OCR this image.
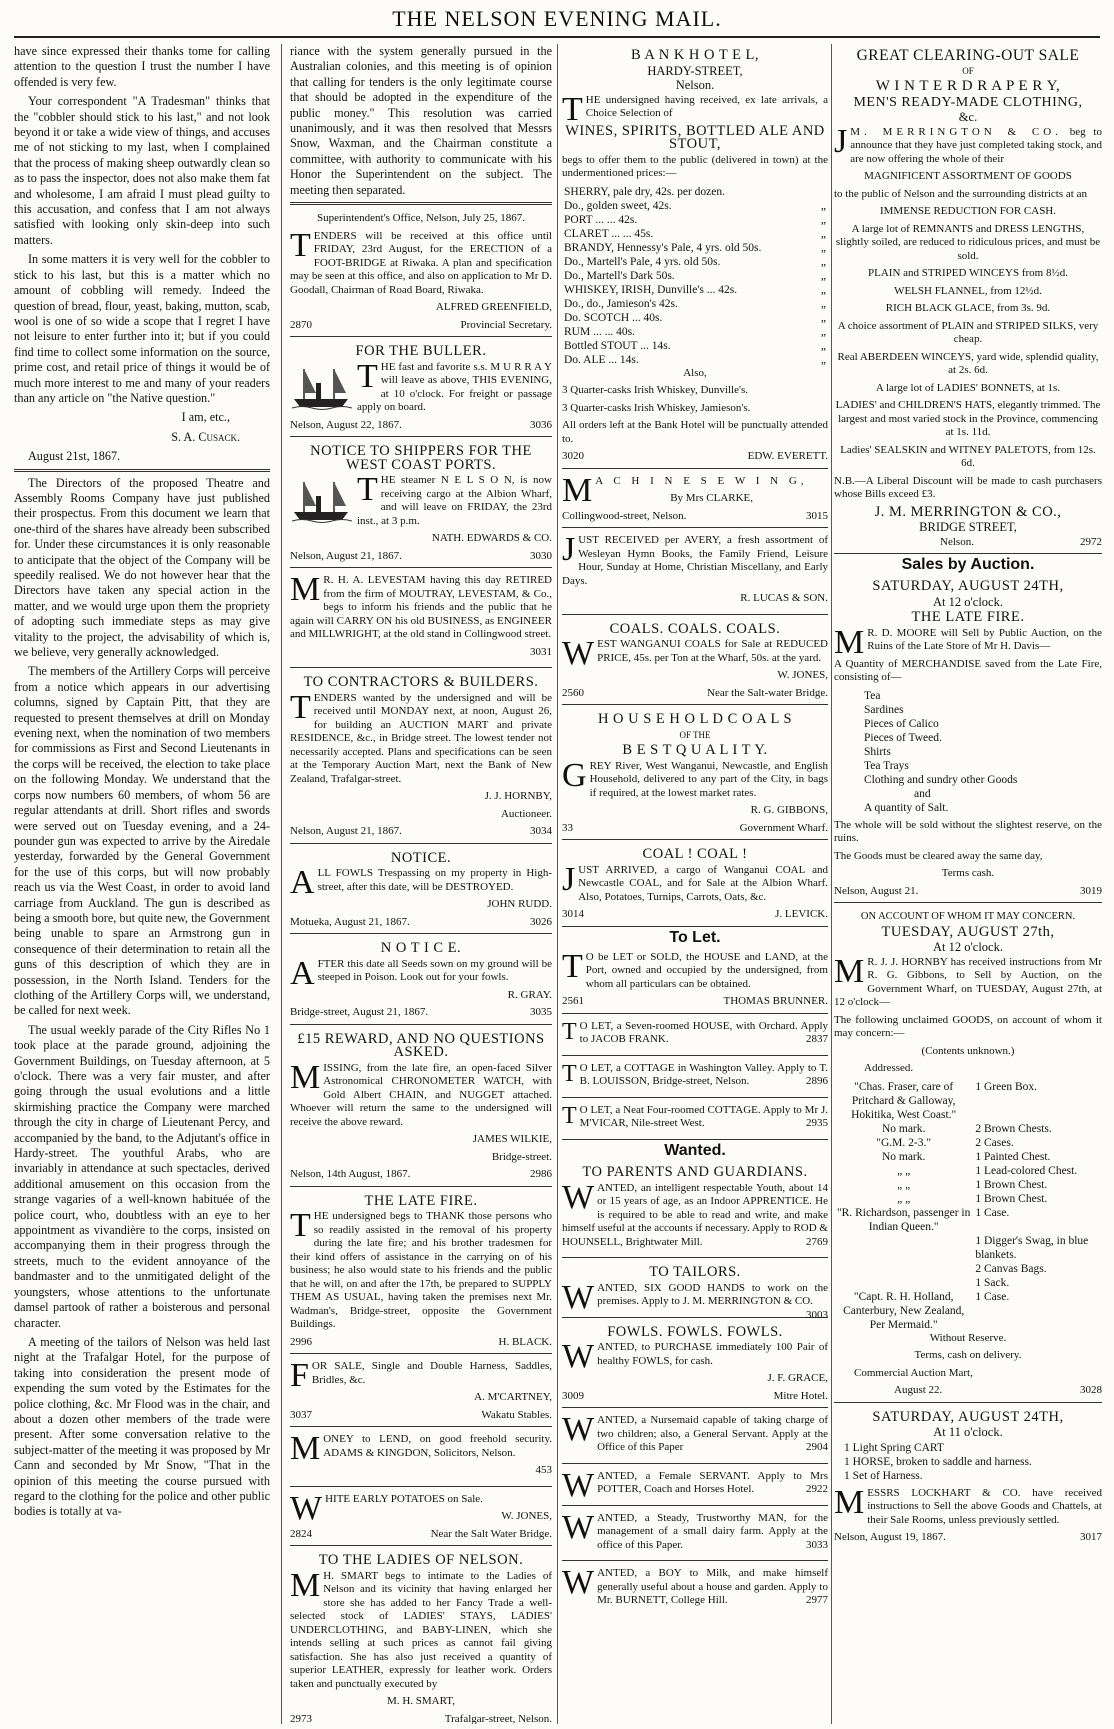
THE NELSON EVENING MAIL.

have since expressed their thanks tome for calling attention to the question I trust the number I have offended is very few.

Your correspondent "A Tradesman" thinks that the "cobbler should stick to his last," and not look beyond it or take a wide view of things, and accuses me of not sticking to my last, when I complained that the process of making sheep outwardly clean so as to pass the inspector, does not also make them fat and wholesome, I am afraid I must plead guilty to this accusation, and confess that I am not always satisfied with looking only skin-deep into such matters.

In some matters it is very well for the cobbler to stick to his last, but this is a matter which no amount of cobbling will remedy. Indeed the question of bread, flour, yeast, baking, mutton, scab, wool is one of so wide a scope that I regret I have not leisure to enter further into it; but if you could find time to collect some information on the source, prime cost, and retail price of things it would be of much more interest to me and many of your readers than any article on "the Native question."

I am, etc.,

S. A. Cusack.

August 21st, 1867.

The Directors of the proposed Theatre and Assembly Rooms Company have just published their prospectus. From this document we learn that one-third of the shares have already been subscribed for. Under these circumstances it is only reasonable to anticipate that the object of the Company will be speedily realised. We do not however hear that the Directors have taken any special action in the matter, and we would urge upon them the propriety of adopting such immediate steps as may give vitality to the project, the advisability of which is, we believe, very generally acknowledged.

The members of the Artillery Corps will perceive from a notice which appears in our advertising columns, signed by Captain Pitt, that they are requested to present themselves at drill on Monday evening next, when the nomination of two members for commissions as First and Second Lieutenants in the corps will be received, the election to take place on the following Monday. We understand that the corps now numbers 60 members, of whom 56 are regular attendants at drill. Short rifles and swords were served out on Tuesday evening, and a 24-pounder gun was expected to arrive by the Airedale yesterday, forwarded by the General Government for the use of this corps, but will now probably reach us via the West Coast, in order to avoid land carriage from Auckland. The gun is described as being a smooth bore, but quite new, the Government being unable to spare an Armstrong gun in consequence of their determination to retain all the guns of this description of which they are in possession, in the North Island. Tenders for the clothing of the Artillery Corps will, we understand, be called for next week.

The usual weekly parade of the City Rifles No 1 took place at the parade ground, adjoining the Government Buildings, on Tuesday afternoon, at 5 o'clock. There was a very fair muster, and after going through the usual evolutions and a little skirmishing practice the Company were marched through the city in charge of Lieutenant Percy, and accompanied by the band, to the Adjutant's office in Hardy-street. The youthful Arabs, who are invariably in attendance at such spectacles, derived additional amusement on this occasion from the strange vagaries of a well-known habituée of the police court, who, doubtless with an eye to her appointment as vivandière to the corps, insisted on accompanying them in their progress through the streets, much to the evident annoyance of the bandmaster and to the unmitigated delight of the youngsters, whose attentions to the unfortunate damsel partook of rather a boisterous and personal character.

A meeting of the tailors of Nelson was held last night at the Trafalgar Hotel, for the purpose of taking into consideration the present mode of expending the sum voted by the Estimates for the police clothing, &c. Mr Flood was in the chair, and about a dozen other members of the trade were present. After some conversation relative to the subject-matter of the meeting it was proposed by Mr Cann and seconded by Mr Snow, "That in the opinion of this meeting the course pursued with regard to the clothing for the police and other public bodies is totally at va-

riance with the system generally pursued in the Australian colonies, and this meeting is of opinion that calling for tenders is the only legitimate course that should be adopted in the expenditure of the public money." This resolution was carried unanimously, and it was then resolved that Messrs Snow, Waxman, and the Chairman constitute a committee, with authority to communicate with his Honor the Superintendent on the subject. The meeting then separated.

Superintendent's Office, Nelson, July 25, 1867.

TENDERS will be received at this office until FRIDAY, 23rd August, for the ERECTION of a FOOT-BRIDGE at Riwaka. A plan and specification may be seen at this office, and also on application to Mr D. Goodall, Chairman of Road Board, Riwaka.

ALFRED GREENFIELD,

2870	Provincial Secretary.
FOR THE BULLER.

THE fast and favorite s.s. M U R R A Y will leave as above, THIS EVENING, at 10 o'clock. For freight or passage apply on board.

Nelson, August 22, 1867.	3036
NOTICE TO SHIPPERS FOR THE WEST COAST PORTS.

THE steamer N E L S O N, is now receiving cargo at the Albion Wharf, and will leave on FRIDAY, the 23rd inst., at 3 p.m.

NATH. EDWARDS & CO.

Nelson, August 21, 1867.	3030

M R. H. A. LEVESTAM having this day RETIRED from the firm of MOUTRAY, LEVESTAM, & Co., begs to inform his friends and the public that he again will CARRY ON his old BUSINESS, as ENGINEER and MILLWRIGHT, at the old stand in Collingwood street.

3031

TO CONTRACTORS & BUILDERS.

TENDERS wanted by the undersigned and will be received until MONDAY next, at noon, August 26, for building an AUCTION MART and private RESIDENCE, &c., in Bridge street. The lowest tender not necessarily accepted. Plans and specifications can be seen at the Temporary Auction Mart, next the Bank of New Zealand, Trafalgar-street.

J. J. HORNBY,

Auctioneer.

Nelson, August 21, 1867.	3034
NOTICE.

ALL FOWLS Trespassing on my property in High-street, after this date, will be DESTROYED.

JOHN RUDD.

Motueka, August 21, 1867.	3026
N O T I C E.

AFTER this date all Seeds sown on my ground will be steeped in Poison. Look out for your fowls.

R. GRAY.

Bridge-street, August 21, 1867.	3035
£15 REWARD, AND NO QUESTIONS ASKED.

MISSING, from the late fire, an open-faced Silver Astronomical CHRONOMETER WATCH, with Gold Albert CHAIN, and NUGGET attached. Whoever will return the same to the undersigned will receive the above reward.

JAMES WILKIE,

Bridge-street.

Nelson, 14th August, 1867.	2986
THE LATE FIRE.

THE undersigned begs to THANK those persons who so readily assisted in the removal of his property during the late fire; and his brother tradesmen for their kind offers of assistance in the carrying on of his business; he also would state to his friends and the public that he will, on and after the 17th, be prepared to SUPPLY THEM AS USUAL, having taken the premises next Mr. Wadman's, Bridge-street, opposite the Government Buildings.

2996	H. BLACK.

FOR SALE, Single and Double Harness, Saddles, Bridles, &c.

A. M'CARTNEY,

3037	Wakatu Stables.

MONEY to LEND, on good freehold security. ADAMS & KINGDON, Solicitors, Nelson.

453

WHITE EARLY POTATOES on Sale.

W. JONES,

2824	Near the Salt Water Bridge.
TO THE LADIES OF NELSON.

M H. SMART begs to intimate to the Ladies of Nelson and its vicinity that having enlarged her store she has added to her Fancy Trade a well-selected stock of LADIES' STAYS, LADIES' UNDERCLOTHING, and BABY-LINEN, which she intends selling at such prices as cannot fail giving satisfaction. She has also just received a quantity of superior LEATHER, expressly for leather work. Orders taken and punctually executed by

M. H. SMART,

2973	Trafalgar-street, Nelson.
B A N K H O T E L,
HARDY-STREET,
Nelson.

THE undersigned having received, ex late arrivals, a Choice Selection of

WINES, SPIRITS, BOTTLED ALE AND STOUT,

begs to offer them to the public (delivered in town) at the undermentioned prices:—

SHERRY, pale dry, 42s. per dozen.	
Do., golden sweet, 42s.	„
PORT ... ... 42s.	„
CLARET ... ... 45s.	„
BRANDY, Hennessy's Pale, 4 yrs. old 50s.	„
Do., Martell's Pale, 4 yrs. old 50s.	„
Do., Martell's Dark 50s.	„
WHISKEY, IRISH, Dunville's ... 42s.	„
Do., do., Jamieson's 42s.	„
Do. SCOTCH ... 40s.	„
RUM ... ... 40s.	„
Bottled STOUT ... 14s.	„
Do. ALE ... 14s.	„

Also,

3 Quarter-casks Irish Whiskey, Dunville's.

3 Quarter-casks Irish Whiskey, Jamieson's.

All orders left at the Bank Hotel will be punctually attended to.

3020	EDW. EVERETT.

M A C H I N E S E W I N G,

By Mrs CLARKE,

Collingwood-street, Nelson.	3015

JUST RECEIVED per AVERY, a fresh assortment of Wesleyan Hymn Books, the Family Friend, Leisure Hour, Sunday at Home, Christian Miscellany, and Early Days.

R. LUCAS & SON.

COALS. COALS. COALS.

WEST WANGANUI COALS for Sale at REDUCED PRICE, 45s. per Ton at the Wharf, 50s. at the yard.

W. JONES,

2560	Near the Salt-water Bridge.
H O U S E H O L D C O A L S
OF THE
B E S T Q U A L I T Y.

GREY River, West Wanganui, Newcastle, and English Household, delivered to any part of the City, in bags if required, at the lowest market rates.

R. G. GIBBONS,

33	Government Wharf.
COAL ! COAL !

JUST ARRIVED, a cargo of Wanganui COAL and Newcastle COAL, and for Sale at the Albion Wharf. Also, Potatoes, Turnips, Carrots, Oats, &c.

3014	J. LEVICK.
To Let.

T O be LET or SOLD, the HOUSE and LAND, at the Port, owned and occupied by the undersigned, from whom all particulars can be obtained.

2561	THOMAS BRUNNER.

T O LET, a Seven-roomed HOUSE, with Orchard. Apply to JACOB FRANK.	2837

T O LET, a COTTAGE in Washington Valley. Apply to T. B. LOUISSON, Bridge-street, Nelson.	2896

T O LET, a Neat Four-roomed COTTAGE. Apply to Mr J. M'VICAR, Nile-street West.	2935

Wanted.
TO PARENTS AND GUARDIANS.

WANTED, an intelligent respectable Youth, about 14 or 15 years of age, as an Indoor APPRENTICE. He is required to be able to read and write, and make himself useful at the accounts if necessary. Apply to ROD & HOUNSELL, Brightwater Mill.	2769

TO TAILORS.

WANTED, SIX GOOD HANDS to work on the premises. Apply to J. M. MERRINGTON & CO.
3003

FOWLS. FOWLS. FOWLS.

WANTED, to PURCHASE immediately 100 Pair of healthy FOWLS, for cash.

J. F. GRACE,

3009	Mitre Hotel.

WANTED, a Nursemaid capable of taking charge of two children; also, a General Servant. Apply at the Office of this Paper	2904

WANTED, a Female SERVANT. Apply to Mrs POTTER, Coach and Horses Hotel.	2922

WANTED, a Steady, Trustworthy MAN, for the management of a small dairy farm. Apply at the office of this Paper.	3033

WANTED, a BOY to Milk, and make himself generally useful about a house and garden. Apply to Mr. BURNETT, College Hill.	2977

GREAT CLEARING-OUT SALE
OF
W I N T E R D R A P E R Y,
MEN'S READY-MADE CLOTHING,
&c.

J M. MERRINGTON & CO. beg to announce that they have just completed taking stock, and are now offering the whole of their

MAGNIFICENT ASSORTMENT OF GOODS

to the public of Nelson and the surrounding districts at an

IMMENSE REDUCTION FOR CASH.

A large lot of REMNANTS and DRESS LENGTHS, slightly soiled, are reduced to ridiculous prices, and must be sold.

PLAIN and STRIPED WINCEYS from 8½d.

WELSH FLANNEL, from 12½d.

RICH BLACK GLACE, from 3s. 9d.

A choice assortment of PLAIN and STRIPED SILKS, very cheap.

Real ABERDEEN WINCEYS, yard wide, splendid quality, at 2s. 6d.

A large lot of LADIES' BONNETS, at 1s.

LADIES' and CHILDREN'S HATS, elegantly trimmed. The largest and most varied stock in the Province, commencing at 1s. 11d.

Ladies' SEALSKIN and WITNEY PALETOTS, from 12s. 6d.

N.B.—A Liberal Discount will be made to cash purchasers whose Bills exceed £3.

J. M. MERRINGTON & CO.,
BRIDGE STREET,
Nelson.	2972
Sales by Auction.
SATURDAY, AUGUST 24TH,
At 12 o'clock.
THE LATE FIRE.

M R. D. MOORE will Sell by Public Auction, on the Ruins of the Late Store of Mr H. Davis—

A Quantity of MERCHANDISE saved from the Late Fire, consisting of—

Tea
Sardines
Pieces of Calico
Pieces of Tweed.
Shirts
Tea Trays
Clothing and sundry other Goods
and
A quantity of Salt.

The whole will be sold without the slightest reserve, on the ruins.

The Goods must be cleared away the same day,

Terms cash.

Nelson, August 21.	3019
ON ACCOUNT OF WHOM IT MAY CONCERN.
TUESDAY, AUGUST 27th,
At 12 o'clock.

M R. J. J. HORNBY has received instructions from Mr R. G. Gibbons, to Sell by Auction, on the Government Wharf, on TUESDAY, August 27th, at 12 o'clock—

The following unclaimed GOODS, on account of whom it may concern:—

(Contents unknown.)

Addressed.

"Chas. Fraser, care of Pritchard & Galloway, Hokitika, West Coast."	1 Green Box.
No mark.	2 Brown Chests.
"G.M. 2-3."	2 Cases.
No mark.	1 Painted Chest.
„ „	1 Lead-colored Chest.
„ „	1 Brown Chest.
„ „	1 Brown Chest.
"R. Richardson, passenger in Indian Queen."	1 Case.
	1 Digger's Swag, in blue blankets.
	2 Canvas Bags.
	1 Sack.
"Capt. R. H. Holland, Canterbury, New Zealand, Per Mermaid."	1 Case.

Without Reserve.

Terms, cash on delivery.

Commercial Auction Mart,

August 22.	3028
SATURDAY, AUGUST 24TH,
At 11 o'clock.
1 Light Spring CART
1 HORSE, broken to saddle and harness.
1 Set of Harness.

MESSRS LOCKHART & CO. have received instructions to Sell the above Goods and Chattels, at their Sale Rooms, unless previously settled.

Nelson, August 19, 1867.	3017
